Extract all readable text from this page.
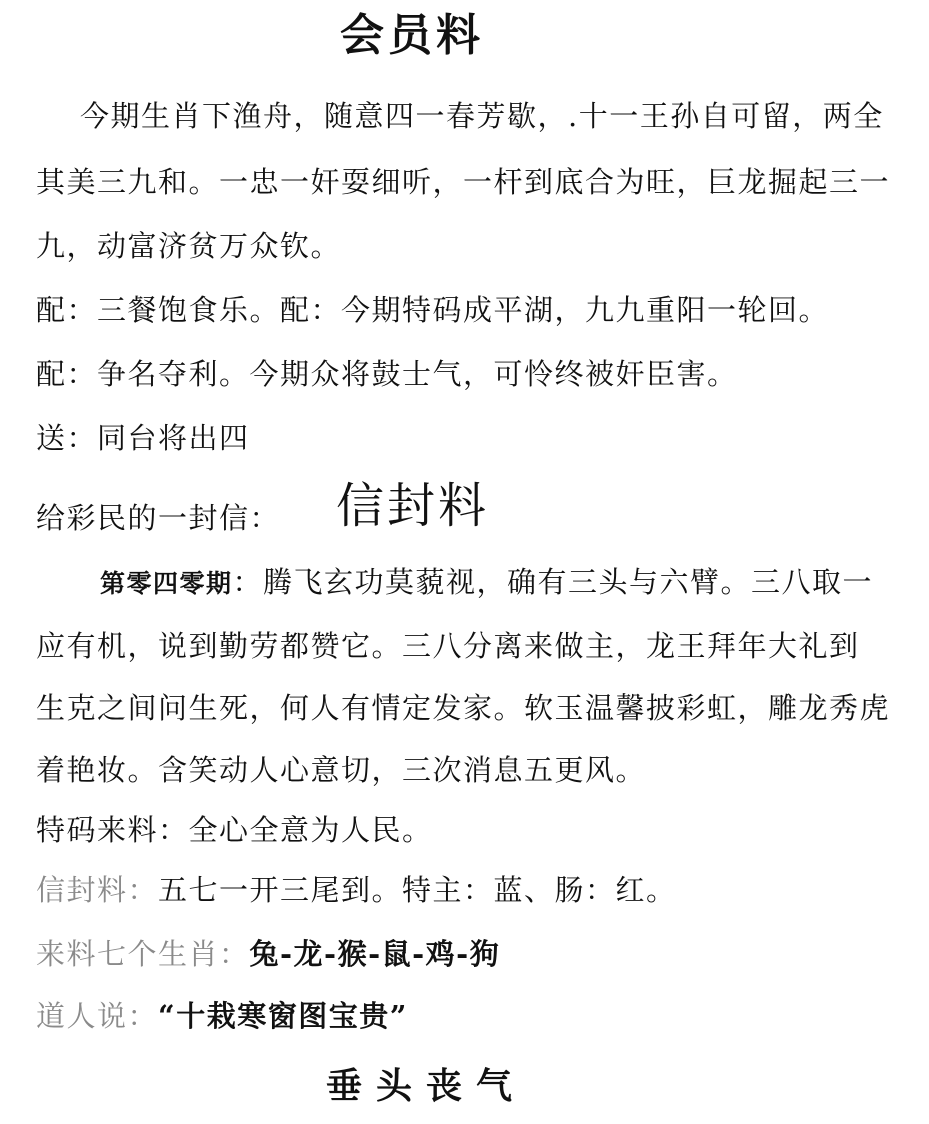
会员料
今期生肖下渔舟，随意四一春芳歇，.十一王孙自可留，两全
其美三九和。一忠一奸耍细听，一杆到底合为旺，巨龙掘起三一
九，动富济贫万众钦。
配：三餐饱食乐。配：今期特码成平湖，九九重阳一轮回。
配：争名夺利。今期众将鼓士气，可怜终被奸臣害。
送：同台将出四
给彩民的一封信： 信封料
第零四零期：腾飞玄功莫藐视，确有三头与六臂。三八取一
应有机，说到勤劳都赞它。三八分离来做主，龙王拜年大礼到
生克之间问生死，何人有情定发家。软玉温馨披彩虹，雕龙秀虎
着艳妆。含笑动人心意切，三次消息五更风。
特码来料：全心全意为人民。
信封料：五七一开三尾到。特主：蓝、肠：红。
来料七个生肖：兔-龙-猴-鼠-鸡-狗
道人说：“十栽寒窗图宝贵”
垂头丧气
